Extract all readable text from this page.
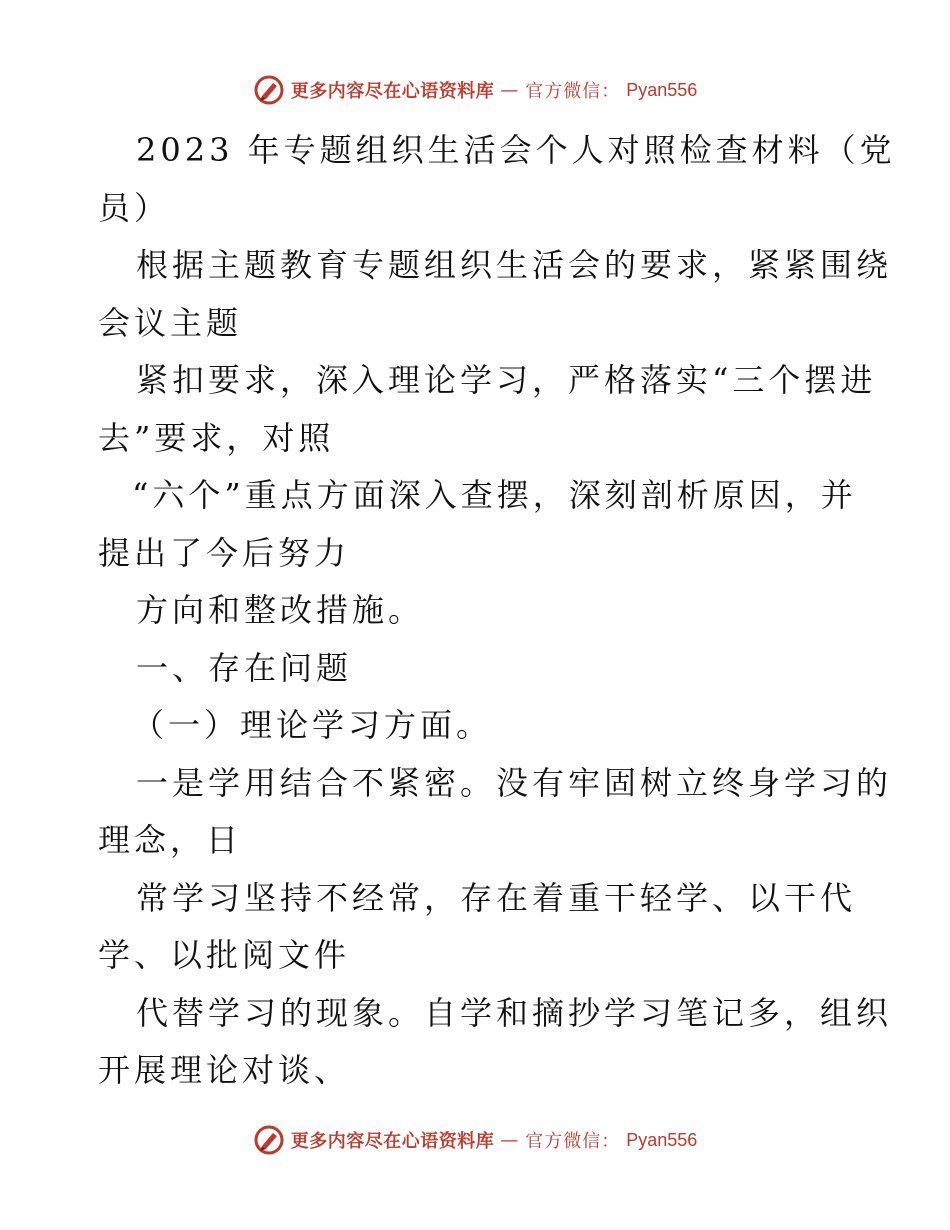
更多内容尽在心语资料库 — 官方微信： Pyan556

2023 年专题组织生活会个人对照检查材料（党
员）

根据主题教育专题组织生活会的要求，紧紧围绕
会议主题

紧扣要求，深入理论学习，严格落实“三个摆进
去”要求，对照

“六个”重点方面深入查摆，深刻剖析原因，并
提出了今后努力

方向和整改措施。

一、存在问题

（一）理论学习方面。

一是学用结合不紧密。没有牢固树立终身学习的
理念，日

常学习坚持不经常，存在着重干轻学、以干代
学、以批阅文件

代替学习的现象。自学和摘抄学习笔记多，组织
开展理论对谈、

更多内容尽在心语资料库 — 官方微信： Pyan556
